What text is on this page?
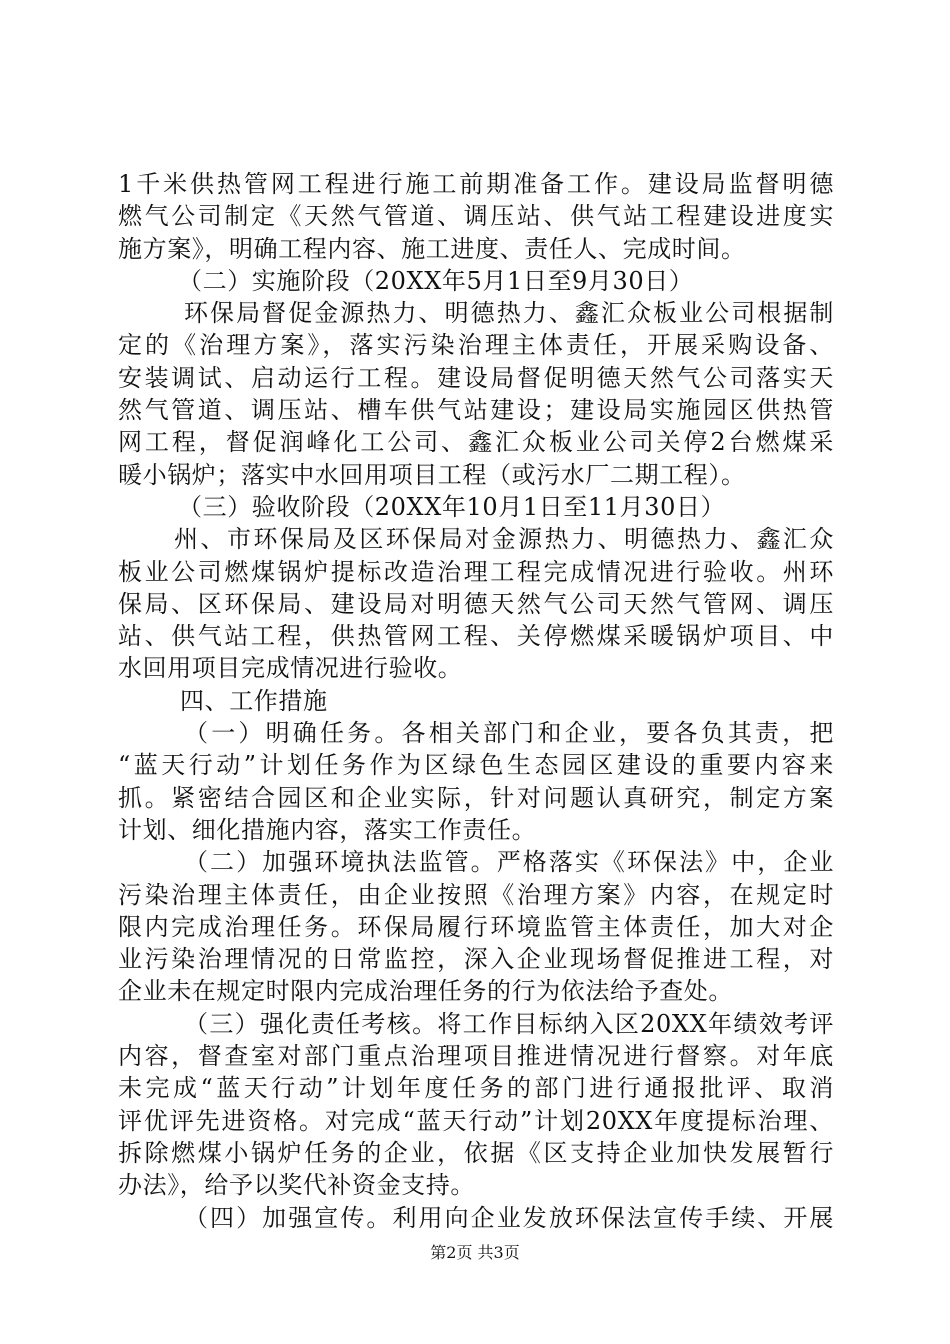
1千米供热管网工程进行施工前期准备工作。建设局监督明德
燃气公司制定《天然气管道、调压站、供气站工程建设进度实
施方案》，明确工程内容、施工进度、责任人、完成时间。
（二）实施阶段（20XX年5月1日至9月30日）
环保局督促金源热力、明德热力、鑫汇众板业公司根据制
定的《治理方案》，落实污染治理主体责任，开展采购设备、
安装调试、启动运行工程。建设局督促明德天然气公司落实天
然气管道、调压站、槽车供气站建设；建设局实施园区供热管
网工程，督促润峰化工公司、鑫汇众板业公司关停2台燃煤采
暖小锅炉；落实中水回用项目工程（或污水厂二期工程）。
（三）验收阶段（20XX年10月1日至11月30日）
州、市环保局及区环保局对金源热力、明德热力、鑫汇众
板业公司燃煤锅炉提标改造治理工程完成情况进行验收。州环
保局、区环保局、建设局对明德天然气公司天然气管网、调压
站、供气站工程，供热管网工程、关停燃煤采暖锅炉项目、中
水回用项目完成情况进行验收。
四、工作措施
（一）明确任务。各相关部门和企业，要各负其责，把
“蓝天行动”计划任务作为区绿色生态园区建设的重要内容来
抓。紧密结合园区和企业实际，针对问题认真研究，制定方案
计划、细化措施内容，落实工作责任。
（二）加强环境执法监管。严格落实《环保法》中，企业
污染治理主体责任，由企业按照《治理方案》内容，在规定时
限内完成治理任务。环保局履行环境监管主体责任，加大对企
业污染治理情况的日常监控，深入企业现场督促推进工程，对
企业未在规定时限内完成治理任务的行为依法给予查处。
（三）强化责任考核。将工作目标纳入区20XX年绩效考评
内容，督查室对部门重点治理项目推进情况进行督察。对年底
未完成“蓝天行动”计划年度任务的部门进行通报批评、取消
评优评先进资格。对完成“蓝天行动”计划20XX年度提标治理、
拆除燃煤小锅炉任务的企业，依据《区支持企业加快发展暂行
办法》，给予以奖代补资金支持。
（四）加强宣传。利用向企业发放环保法宣传手续、开展
第2页 共3页
